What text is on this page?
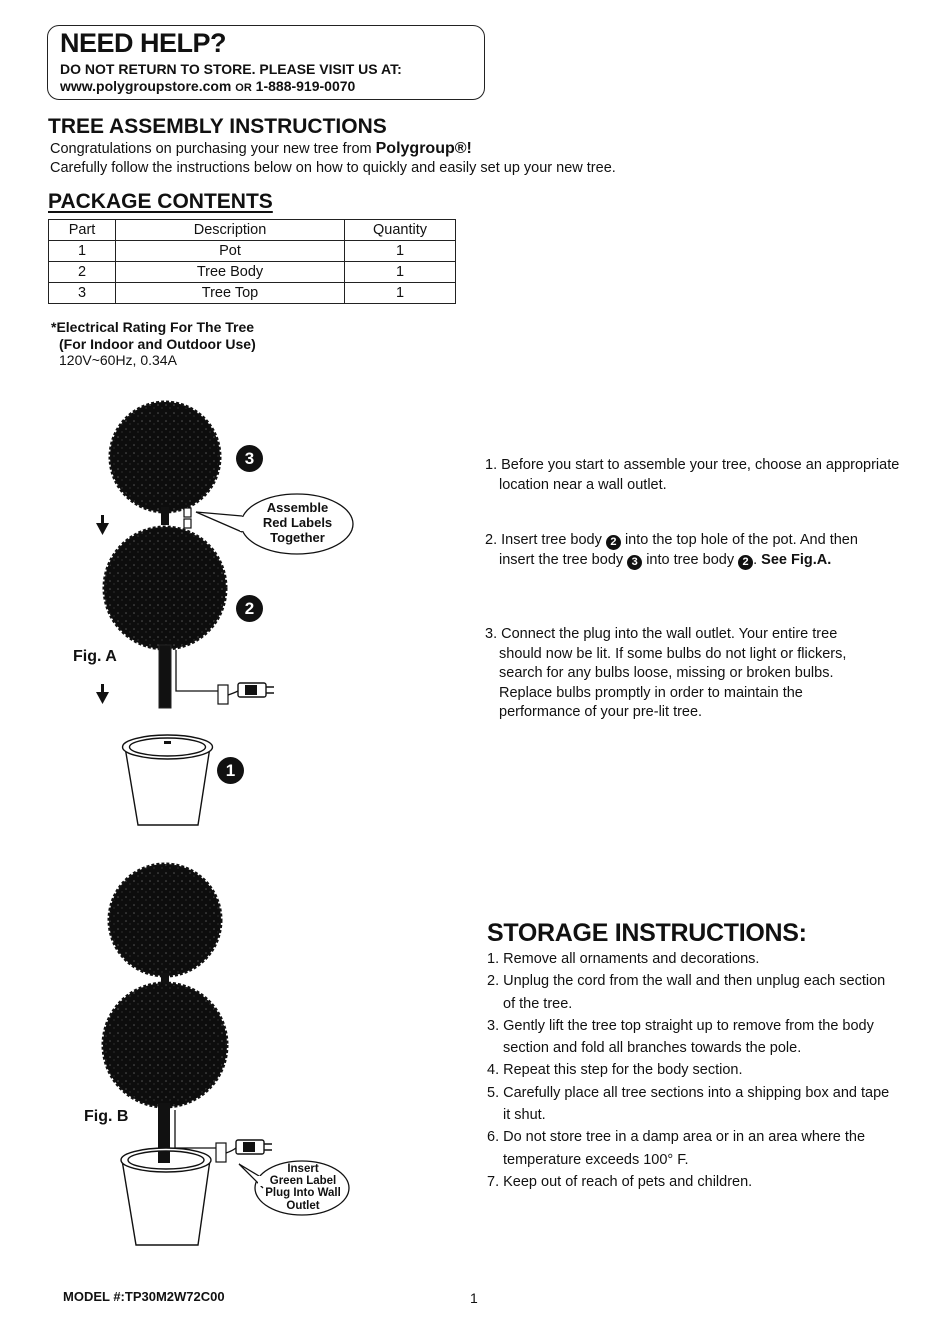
NEED HELP?
DO NOT RETURN TO STORE. PLEASE VISIT US AT:
www.polygroupstore.com OR 1-888-919-0070
TREE ASSEMBLY INSTRUCTIONS
Congratulations on purchasing your new tree from Polygroup®!
Carefully follow the instructions below on how to quickly and easily set up your new tree.
PACKAGE CONTENTS
Part	Description	Quantity
1	Pot	1
2	Tree Body	1
3	Tree Top	1
*Electrical Rating For The Tree
(For Indoor and Outdoor Use)
120V~60Hz, 0.34A
3
2
1
Assemble
Red Labels
Together
Fig. A
1. Before you start to assemble your tree, choose an appropriate
location near a wall outlet.
2. Insert tree body 2 into the top hole of the pot. And then
insert the tree body 3 into tree body 2 . See Fig.A.
3. Connect the plug into the wall outlet. Your entire tree
should now be lit. If some bulbs do not light or flickers,
search for any bulbs loose, missing or broken bulbs.
Replace bulbs promptly in order to maintain the
performance of your pre-lit tree.
Insert
Green Label
Plug Into Wall
Outlet
Fig. B
STORAGE INSTRUCTIONS:
1. Remove all ornaments and decorations.
2. Unplug the cord from the wall and then unplug each section
of the tree.
3. Gently lift the tree top straight up to remove from the body
section and fold all branches towards the pole.
4. Repeat this step for the body section.
5. Carefully place all tree sections into a shipping box and tape
it shut.
6. Do not store tree in a damp area or in an area where the
temperature exceeds 100° F.
7. Keep out of reach of pets and children.
MODEL #:TP30M2W72C00	1
